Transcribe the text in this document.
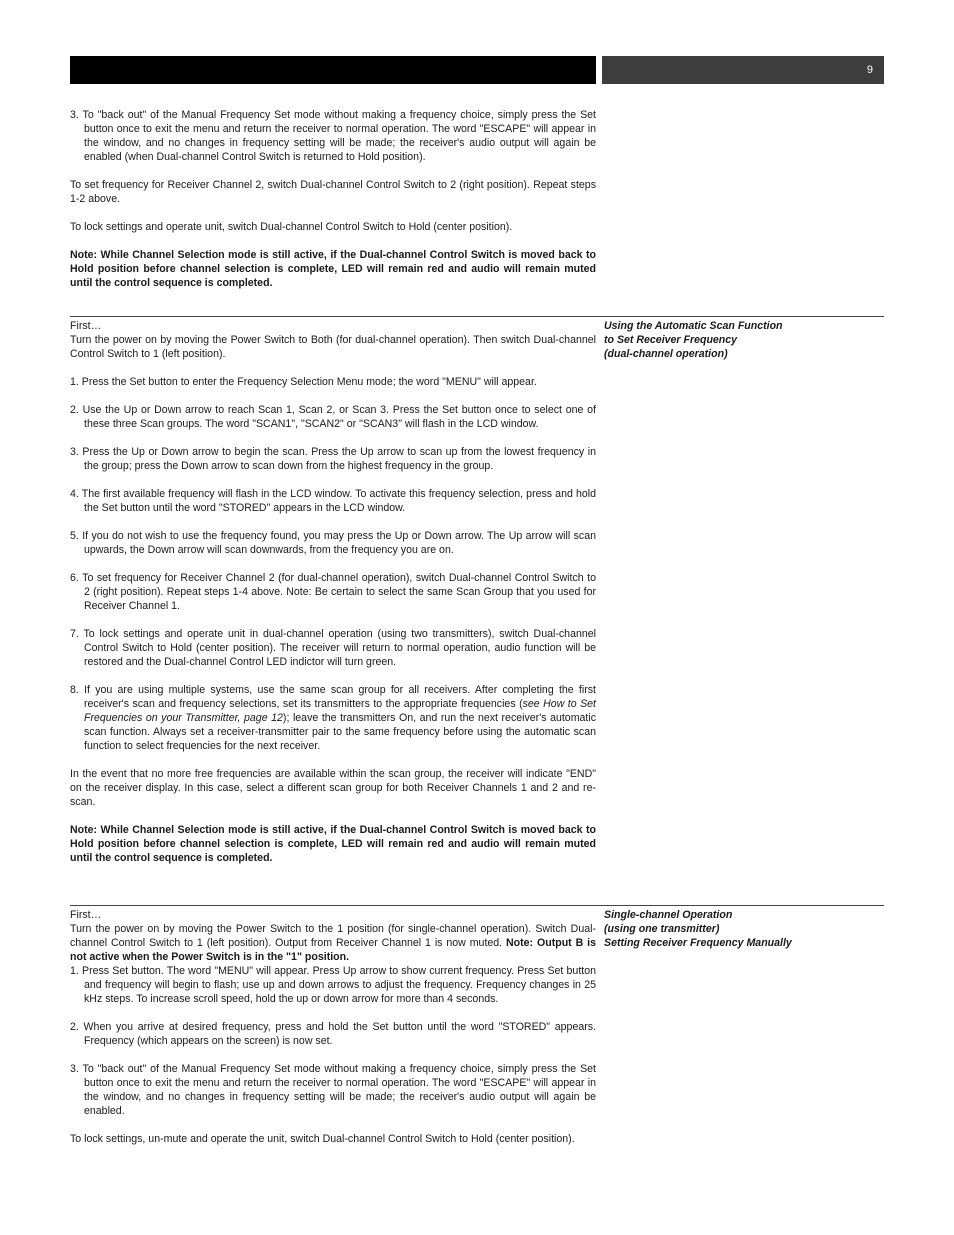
9

3. To "back out" of the Manual Frequency Set mode without making a frequency choice, simply press the Set button once to exit the menu and return the receiver to normal operation. The word "ESCAPE" will appear in the window, and no changes in frequency setting will be made; the receiver's audio output will again be enabled (when Dual-channel Control Switch is returned to Hold position).

To set frequency for Receiver Channel 2, switch Dual-channel Control Switch to 2 (right position). Repeat steps 1-2 above.

To lock settings and operate unit, switch Dual-channel Control Switch to Hold (center position).

Note: While Channel Selection mode is still active, if the Dual-channel Control Switch is moved back to Hold position before channel selection is complete, LED will remain red and audio will remain muted until the control sequence is completed.

Using the Automatic Scan Function
to Set Receiver Frequency
(dual-channel operation)

First…

Turn the power on by moving the Power Switch to Both (for dual-channel operation). Then switch Dual-channel Control Switch to 1 (left position).

1. Press the Set button to enter the Frequency Selection Menu mode; the word "MENU" will appear.

2. Use the Up or Down arrow to reach Scan 1, Scan 2, or Scan 3. Press the Set button once to select one of these three Scan groups. The word "SCAN1", "SCAN2" or "SCAN3" will flash in the LCD window.

3. Press the Up or Down arrow to begin the scan. Press the Up arrow to scan up from the lowest frequency in the group; press the Down arrow to scan down from the highest frequency in the group.

4. The first available frequency will flash in the LCD window. To activate this frequency selection, press and hold the Set button until the word "STORED" appears in the LCD window.

5. If you do not wish to use the frequency found, you may press the Up or Down arrow. The Up arrow will scan upwards, the Down arrow will scan downwards, from the frequency you are on.

6. To set frequency for Receiver Channel 2 (for dual-channel operation), switch Dual-channel Control Switch to 2 (right position). Repeat steps 1-4 above. Note: Be certain to select the same Scan Group that you used for Receiver Channel 1.

7. To lock settings and operate unit in dual-channel operation (using two transmitters), switch Dual-channel Control Switch to Hold (center position). The receiver will return to normal operation, audio function will be restored and the Dual-channel Control LED indictor will turn green.

8. If you are using multiple systems, use the same scan group for all receivers. After completing the first receiver's scan and frequency selections, set its transmitters to the appropriate frequencies (see How to Set Frequencies on your Transmitter, page 12); leave the transmitters On, and run the next receiver's automatic scan function. Always set a receiver-transmitter pair to the same frequency before using the automatic scan function to select frequencies for the next receiver.

In the event that no more free frequencies are available within the scan group, the receiver will indicate "END" on the receiver display. In this case, select a different scan group for both Receiver Channels 1 and 2 and re-scan.

Note: While Channel Selection mode is still active, if the Dual-channel Control Switch is moved back to Hold position before channel selection is complete, LED will remain red and audio will remain muted until the control sequence is completed.

Single-channel Operation
(using one transmitter)
Setting Receiver Frequency Manually

First…

Turn the power on by moving the Power Switch to the 1 position (for single-channel operation). Switch Dual-channel Control Switch to 1 (left position). Output from Receiver Channel 1 is now muted. Note: Output B is not active when the Power Switch is in the "1" position.

1. Press Set button. The word "MENU" will appear. Press Up arrow to show current frequency. Press Set button and frequency will begin to flash; use up and down arrows to adjust the frequency. Frequency changes in 25 kHz steps. To increase scroll speed, hold the up or down arrow for more than 4 seconds.

2. When you arrive at desired frequency, press and hold the Set button until the word "STORED" appears. Frequency (which appears on the screen) is now set.

3. To "back out" of the Manual Frequency Set mode without making a frequency choice, simply press the Set button once to exit the menu and return the receiver to normal operation. The word "ESCAPE" will appear in the window, and no changes in frequency setting will be made; the receiver's audio output will again be enabled.

To lock settings, un-mute and operate the unit, switch Dual-channel Control Switch to Hold (center position).
